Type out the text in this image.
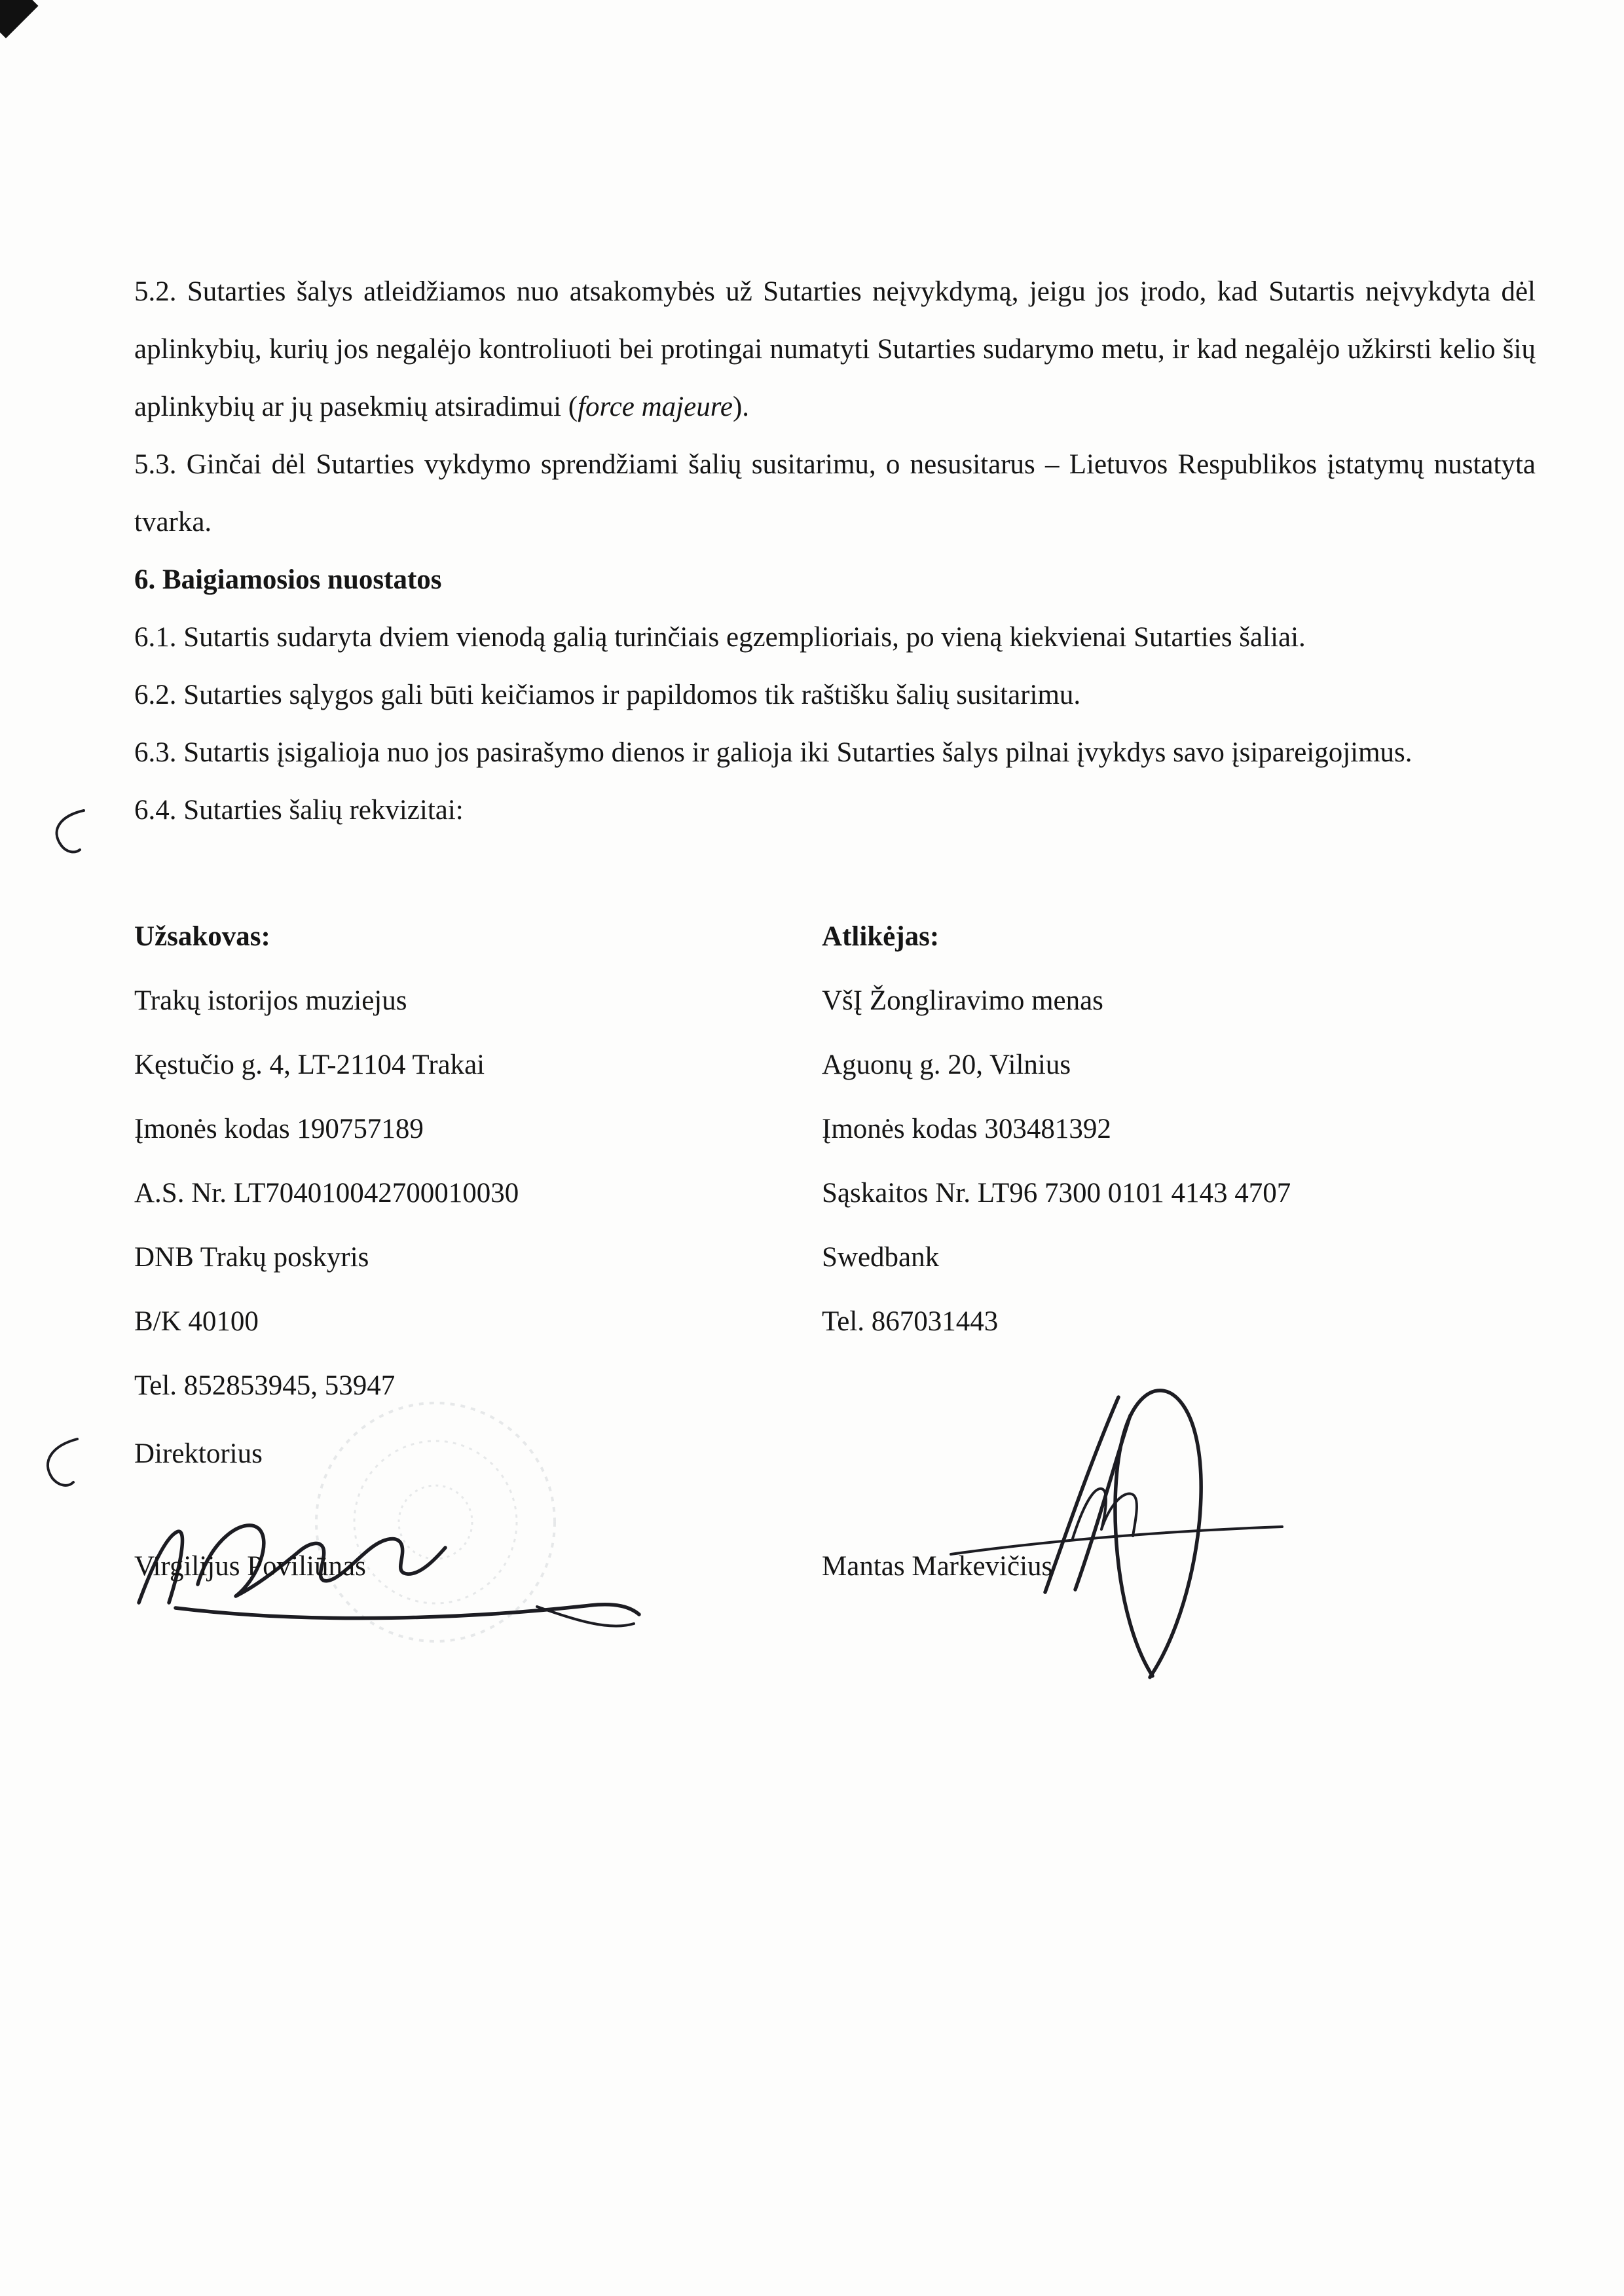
5.2. Sutarties šalys atleidžiamos nuo atsakomybės už Sutarties neįvykdymą, jeigu jos įrodo, kad Sutartis neįvykdyta dėl aplinkybių, kurių jos negalėjo kontroliuoti bei protingai numatyti Sutarties sudarymo metu, ir kad negalėjo užkirsti kelio šių aplinkybių ar jų pasekmių atsiradimui (force majeure).

5.3. Ginčai dėl Sutarties vykdymo sprendžiami šalių susitarimu, o nesusitarus – Lietuvos Respublikos įstatymų nustatyta tvarka.

6. Baigiamosios nuostatos

6.1. Sutartis sudaryta dviem vienodą galią turinčiais egzemplioriais, po vieną kiekvienai Sutarties šaliai.

6.2. Sutarties sąlygos gali būti keičiamos ir papildomos tik raštišku šalių susitarimu.

6.3. Sutartis įsigalioja nuo jos pasirašymo dienos ir galioja iki Sutarties šalys pilnai įvykdys savo įsipareigojimus.

6.4. Sutarties šalių rekvizitai:

Užsakovas:

Trakų istorijos muziejus

Kęstučio g. 4, LT-21104 Trakai

Įmonės kodas 190757189

A.S. Nr. LT704010042700010030

DNB Trakų poskyris

B/K 40100

Tel. 852853945, 53947

Atlikėjas:

VšĮ Žongliravimo menas

Aguonų g. 20, Vilnius

Įmonės kodas 303481392

Sąskaitos Nr. LT96 7300 0101 4143 4707

Swedbank

Tel. 867031443

Direktorius

Virgilijus Poviliūnas	Mantas Markevičius
